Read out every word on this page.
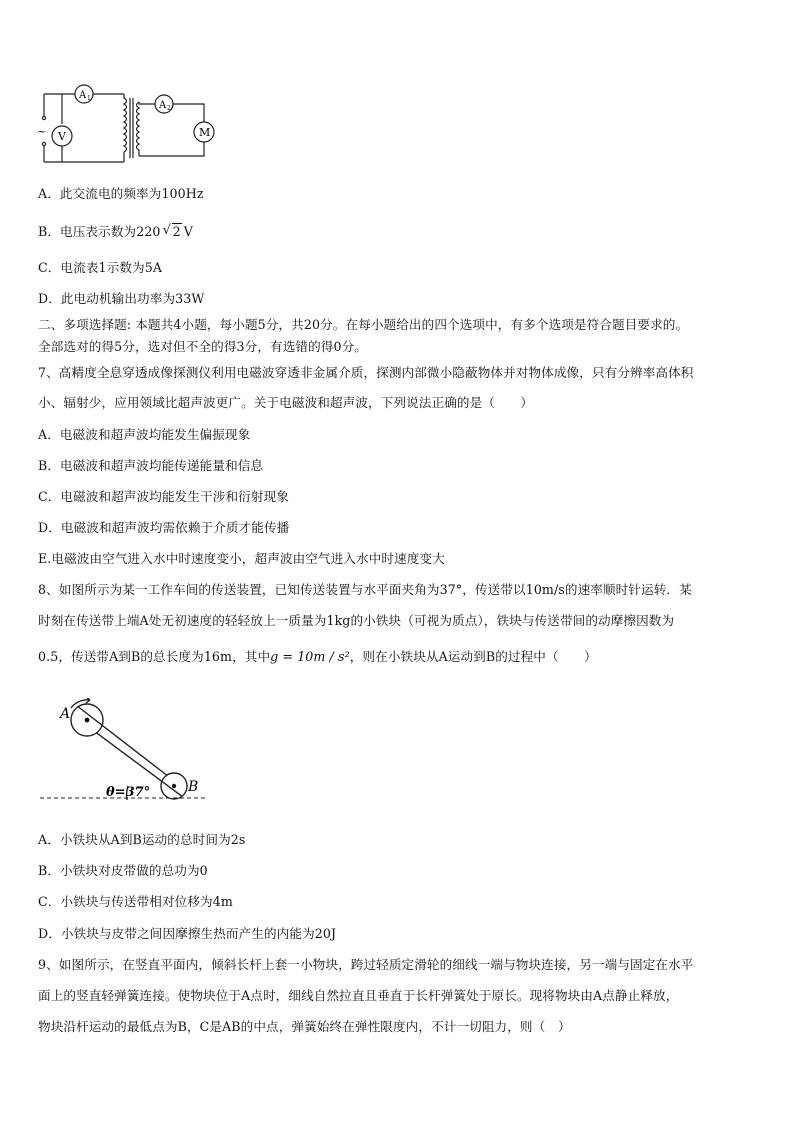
~ V
A 1
A 2
M
A．此交流电的频率为100Hz
B．电压表示数为220√ 2 V
C．电流表1示数为5A
D．此电动机输出功率为33W
二、多项选择题: 本题共4小题，每小题5分，共20分。在每小题给出的四个选项中，有多个选项是符合题目要求的。
全部选对的得5分，选对但不全的得3分，有选错的得0分。
7、高精度全息穿透成像探测仪利用电磁波穿透非金属介质，探测内部微小隐蔽物体并对物体成像，只有分辨率高体积
小、辐射少，应用领域比超声波更广。关于电磁波和超声波，下列说法正确的是（　　）
A．电磁波和超声波均能发生偏振现象
B．电磁波和超声波均能传递能量和信息
C．电磁波和超声波均能发生干涉和衍射现象
D．电磁波和超声波均需依赖于介质才能传播
E.电磁波由空气进入水中时速度变小，超声波由空气进入水中时速度变大
8、如图所示为某一工作车间的传送装置，已知传送装置与水平面夹角为37°，传送带以10m/s的速率顺时针运转．某
时刻在传送带上端A处无初速度的轻轻放上一质量为1kg的小铁块（可视为质点），铁块与传送带间的动摩擦因数为
0.5，传送带A到B的总长度为16m，其中g = 10m / s²，则在小铁块从A运动到B的过程中（　　）
A
B
θ=37°
A．小铁块从A到B运动的总时间为2s
B．小铁块对皮带做的总功为0
C．小铁块与传送带相对位移为4m
D．小铁块与皮带之间因摩擦生热而产生的内能为20J
9、如图所示，在竖直平面内，倾斜长杆上套一小物块，跨过轻质定滑轮的细线一端与物块连接，另一端与固定在水平
面上的竖直轻弹簧连接。使物块位于A点时，细线自然拉直且垂直于长杆弹簧处于原长。现将物块由A点静止释放，
物块沿杆运动的最低点为B，C是AB的中点，弹簧始终在弹性限度内，不计一切阻力，则（　）
